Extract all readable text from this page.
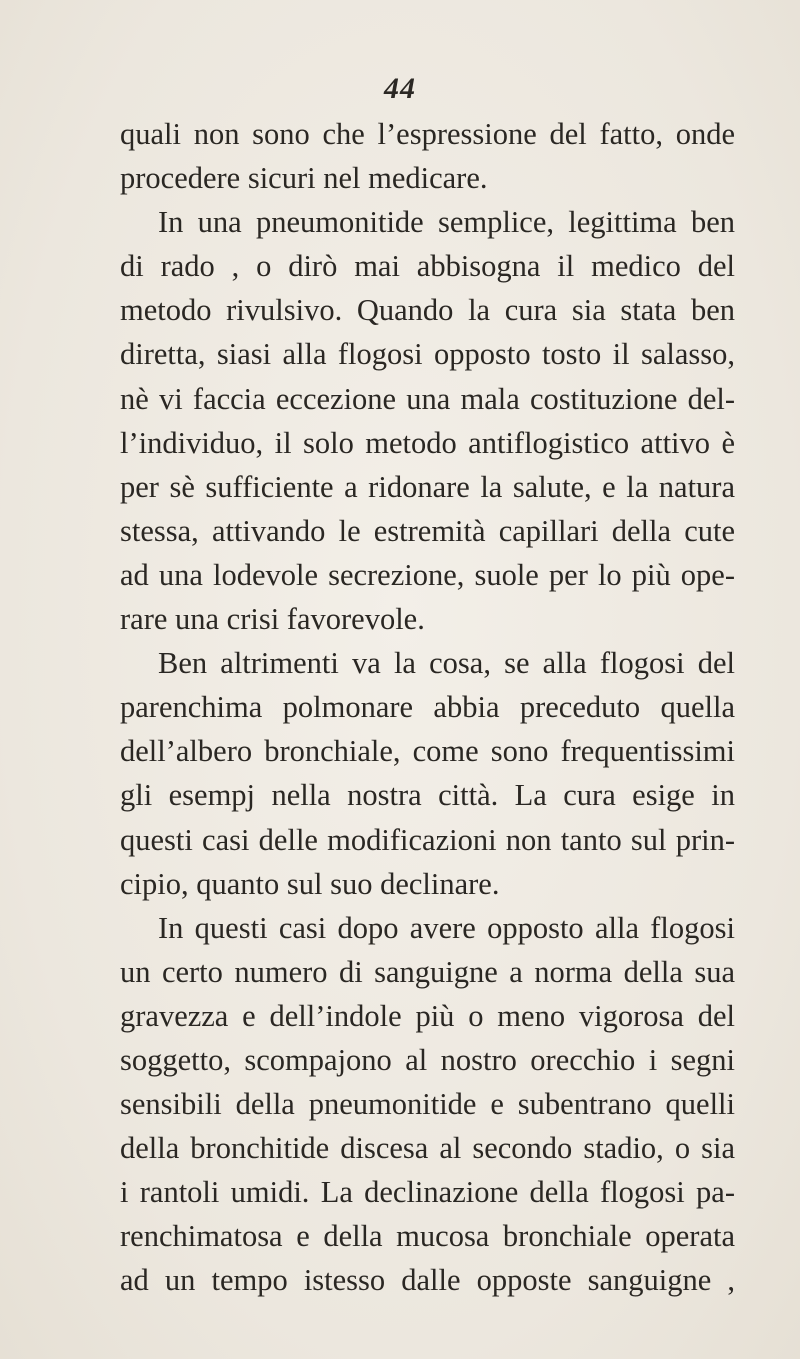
44
quali non sono che l’espressione del fatto, onde
procedere sicuri nel medicare.
In una pneumonitide semplice, legittima ben
di rado , o dirò mai abbisogna il medico del
metodo rivulsivo. Quando la cura sia stata ben
diretta, siasi alla flogosi opposto tosto il salasso,
nè vi faccia eccezione una mala costituzione del-
l’individuo, il solo metodo antiflogistico attivo è
per sè sufficiente a ridonare la salute, e la natura
stessa, attivando le estremità capillari della cute
ad una lodevole secrezione, suole per lo più ope-
rare una crisi favorevole.
Ben altrimenti va la cosa, se alla flogosi del
parenchima polmonare abbia preceduto quella
dell’albero bronchiale, come sono frequentissimi
gli esempj nella nostra città. La cura esige in
questi casi delle modificazioni non tanto sul prin-
cipio, quanto sul suo declinare.
In questi casi dopo avere opposto alla flogosi
un certo numero di sanguigne a norma della sua
gravezza e dell’indole più o meno vigorosa del
soggetto, scompajono al nostro orecchio i segni
sensibili della pneumonitide e subentrano quelli
della bronchitide discesa al secondo stadio, o sia
i rantoli umidi. La declinazione della flogosi pa-
renchimatosa e della mucosa bronchiale operata
ad un tempo istesso dalle opposte sanguigne ,
